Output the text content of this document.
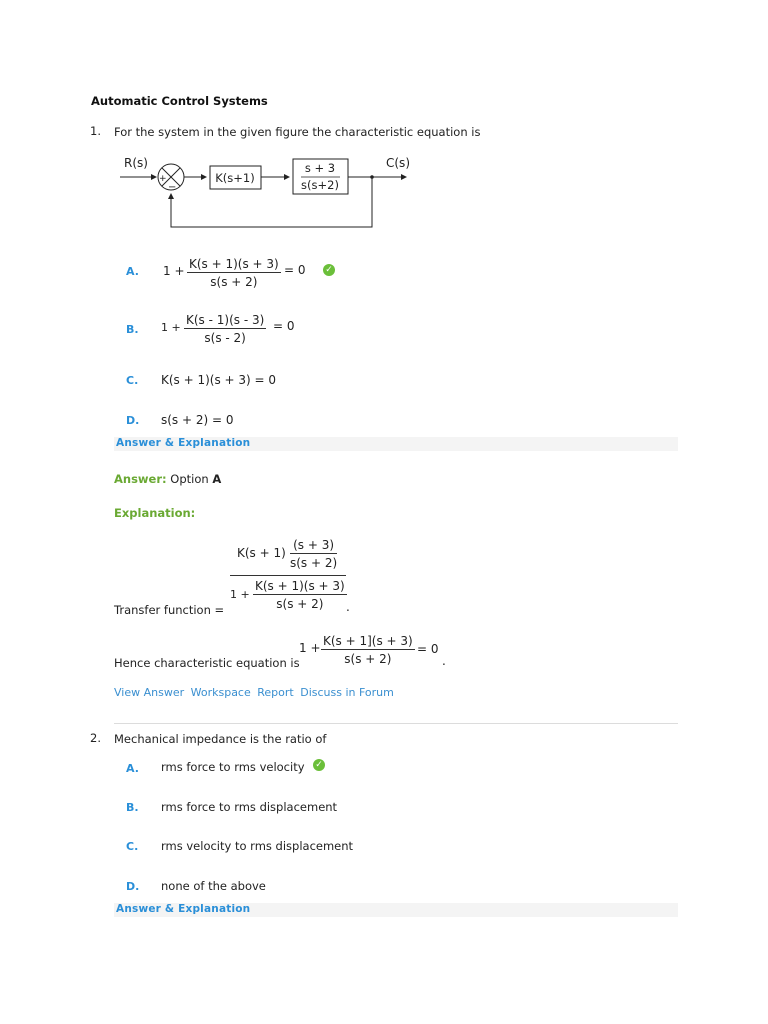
Automatic Control Systems
1. For the system in the given figure the characteristic equation is
R(s)
+
−
K(s+1)
s + 3
s(s+2)
C(s)
A. $1 + \frac{K(s + 1)(s + 3)}{s(s + 2)} = 0$ ✓
B. $1 + \frac{K(s - 1)(s - 3)}{s(s - 2)} = 0$
C. K(s + 1)(s + 3) = 0
D. s(s + 2) = 0
Answer & Explanation
Answer: Option A
Explanation:
Transfer function =
$K(s + 1) \frac{(s + 3)}{s(s + 2)}$
$1 + \frac{K(s + 1)(s + 3)}{s(s + 2)}$ .
Hence characteristic equation is
$1 + \frac{K(s + 1](s + 3)}{s(s + 2)} = 0$
.
View Answer Workspace Report Discuss in Forum
2. Mechanical impedance is the ratio of
A. rms force to rms velocity ✓
B. rms force to rms displacement
C. rms velocity to rms displacement
D. none of the above
Answer & Explanation
